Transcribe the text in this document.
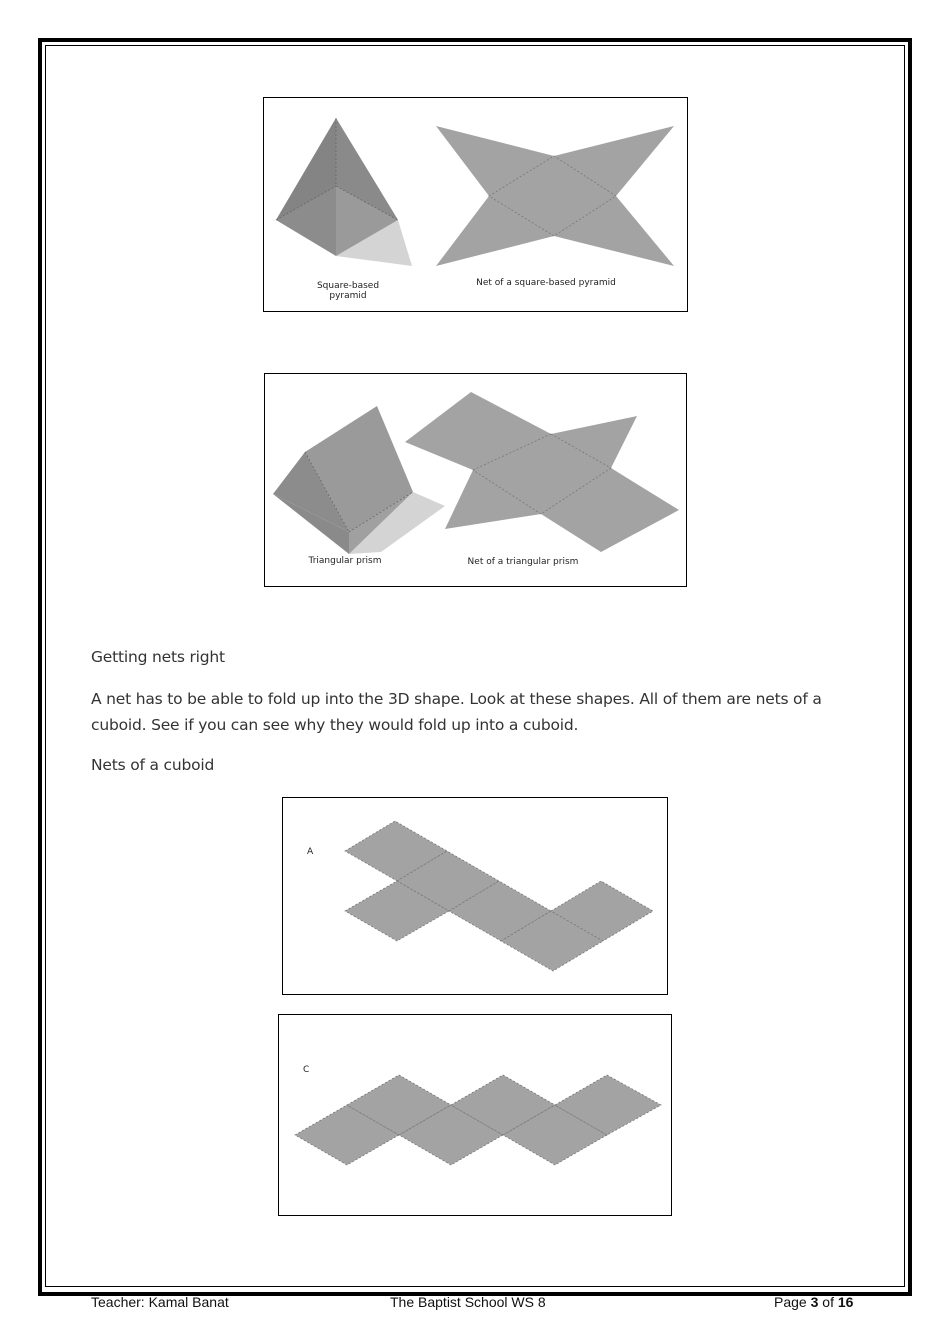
Square-based
pyramid
Net of a square-based pyramid
Triangular prism	Net of a triangular prism
Getting nets right
A net has to be able to fold up into the 3D shape. Look at these shapes. All of them are nets of a
cuboid. See if you can see why they would fold up into a cuboid.
Nets of a cuboid
A
C
Teacher: Kamal Banat	The Baptist School WS 8	Page 3 of 16
